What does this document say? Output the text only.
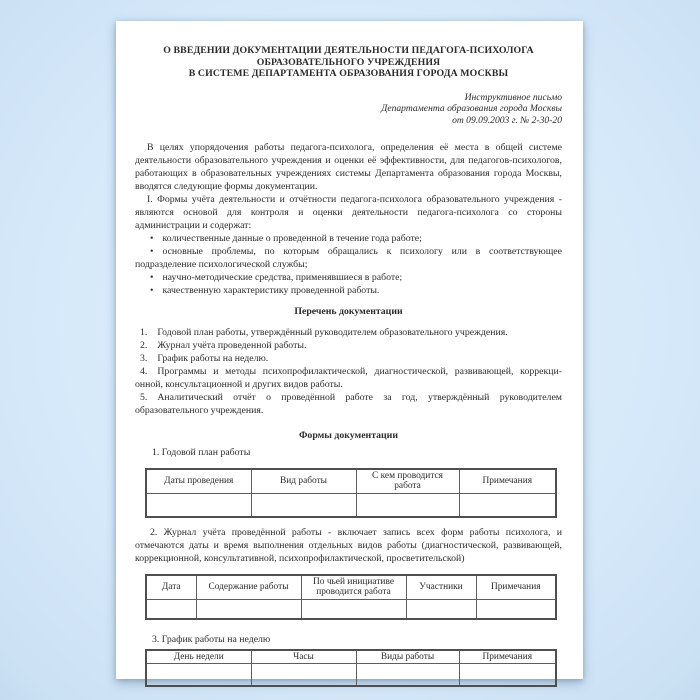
О ВВЕДЕНИИ ДОКУМЕНТАЦИИ ДЕЯТЕЛЬНОСТИ ПЕДАГОГА-ПСИХОЛОГА
ОБРАЗОВАТЕЛЬНОГО УЧРЕЖДЕНИЯ
В СИСТЕМЕ ДЕПАРТАМЕНТА ОБРАЗОВАНИЯ ГОРОДА МОСКВЫ
Инструктивное письмо
Департамента образования города Москвы
от 09.09.2003 г. № 2-30-20

В целях упорядочения работы педагога-психолога, определения её места в общей системе деятельности образовательного учреждения и оценки её эффективности, для педагогов-психологов, работающих в образовательных учреждениях системы Департамента образования города Москвы, вводятся следующие формы документации.

I. Формы учёта деятельности и отчётности педагога-психолога образовательного учреждения - являются основой для контроля и оценки деятельности педагога-психолога со стороны администрации и содержат:

• количественные данные о проведенной в течение года работе;
• основные проблемы, по которым обращались к психологу или в соответствующее подразделение психологической службы;
• научно-методические средства, применявшиеся в работе;
• качественную характеристику проведенной работы.
Перечень документации
1. Годовой план работы, утверждённый руководителем образовательного учреждения.
2. Журнал учёта проведенной работы.
3. График работы на неделю.
4. Программы и методы психопрофилактической, диагностической, развивающей, коррекци-онной, консультационной и других видов работы.
5. Аналитический отчёт о проведённой работе за год, утверждённый руководителем образовательного учреждения.
Формы документации

1. Годовой план работы

Даты проведения	Вид работы	С кем проводится работа	Примечания

2. Журнал учёта проведённой работы - включает запись всех форм работы психолога, и отмечаются даты и время выполнения отдельных видов работы (диагностической, развивающей, коррекционной, консультативной, психопрофилактической, просветительской)

Дата	Содержание работы	По чьей инициативе проводится работа	Участники	Примечания

3. График работы на неделю

День недели	Часы	Виды работы	Примечания
